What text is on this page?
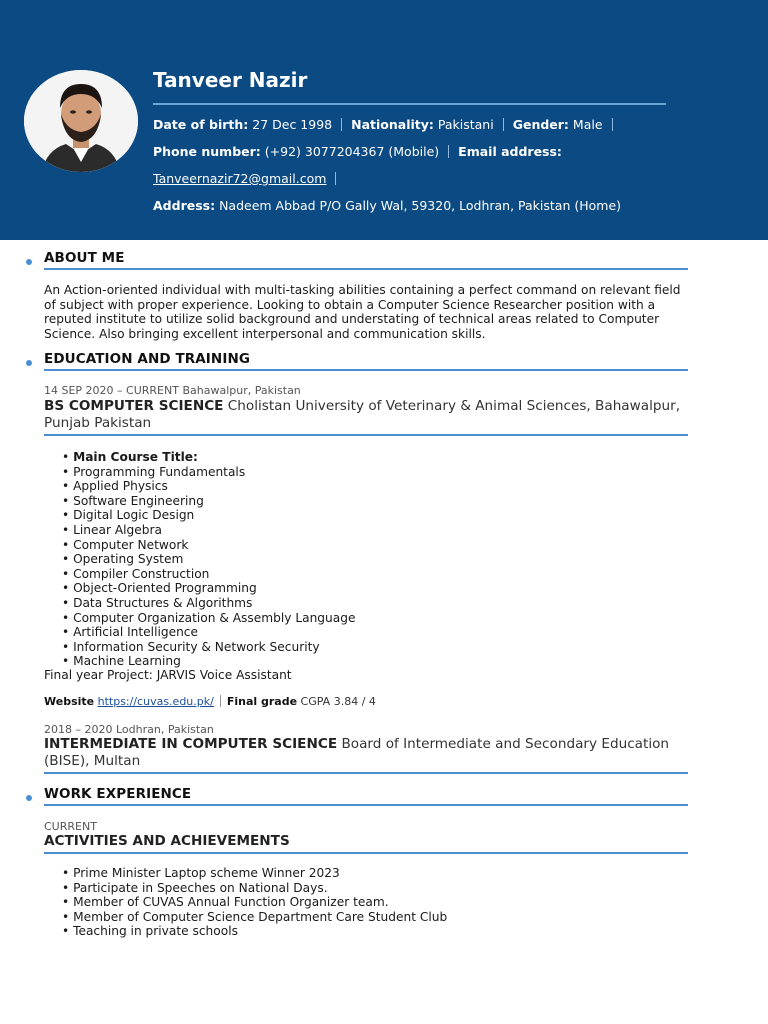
Tanveer Nazir
Date of birth: 27 Dec 1998 Nationality: Pakistani Gender: Male
Phone number: (+92) 3077204367 (Mobile) Email address:
Tanveernazir72@gmail.com
Address: Nadeem Abbad P/O Gally Wal, 59320, Lodhran, Pakistan (Home)
ABOUT ME
An Action-oriented individual with multi-tasking abilities containing a perfect command on relevant field of subject with proper experience. Looking to obtain a Computer Science Researcher position with a reputed institute to utilize solid background and understating of technical areas related to Computer Science. Also bringing excellent interpersonal and communication skills.
EDUCATION AND TRAINING
14 SEP 2020 – CURRENT Bahawalpur, Pakistan
BS COMPUTER SCIENCE Cholistan University of Veterinary & Animal Sciences, Bahawalpur, Punjab Pakistan
• Main Course Title:
• Programming Fundamentals
• Applied Physics
• Software Engineering
• Digital Logic Design
• Linear Algebra
• Computer Network
• Operating System
• Compiler Construction
• Object-Oriented Programming
• Data Structures & Algorithms
• Computer Organization & Assembly Language
• Artificial Intelligence
• Information Security & Network Security
• Machine Learning
Final year Project: JARVIS Voice Assistant
Website https://cuvas.edu.pk/ Final grade CGPA 3.84 / 4
2018 – 2020 Lodhran, Pakistan
INTERMEDIATE IN COMPUTER SCIENCE Board of Intermediate and Secondary Education (BISE), Multan
WORK EXPERIENCE
CURRENT
ACTIVITIES AND ACHIEVEMENTS
• Prime Minister Laptop scheme Winner 2023
• Participate in Speeches on National Days.
• Member of CUVAS Annual Function Organizer team.
• Member of Computer Science Department Care Student Club
• Teaching in private schools
